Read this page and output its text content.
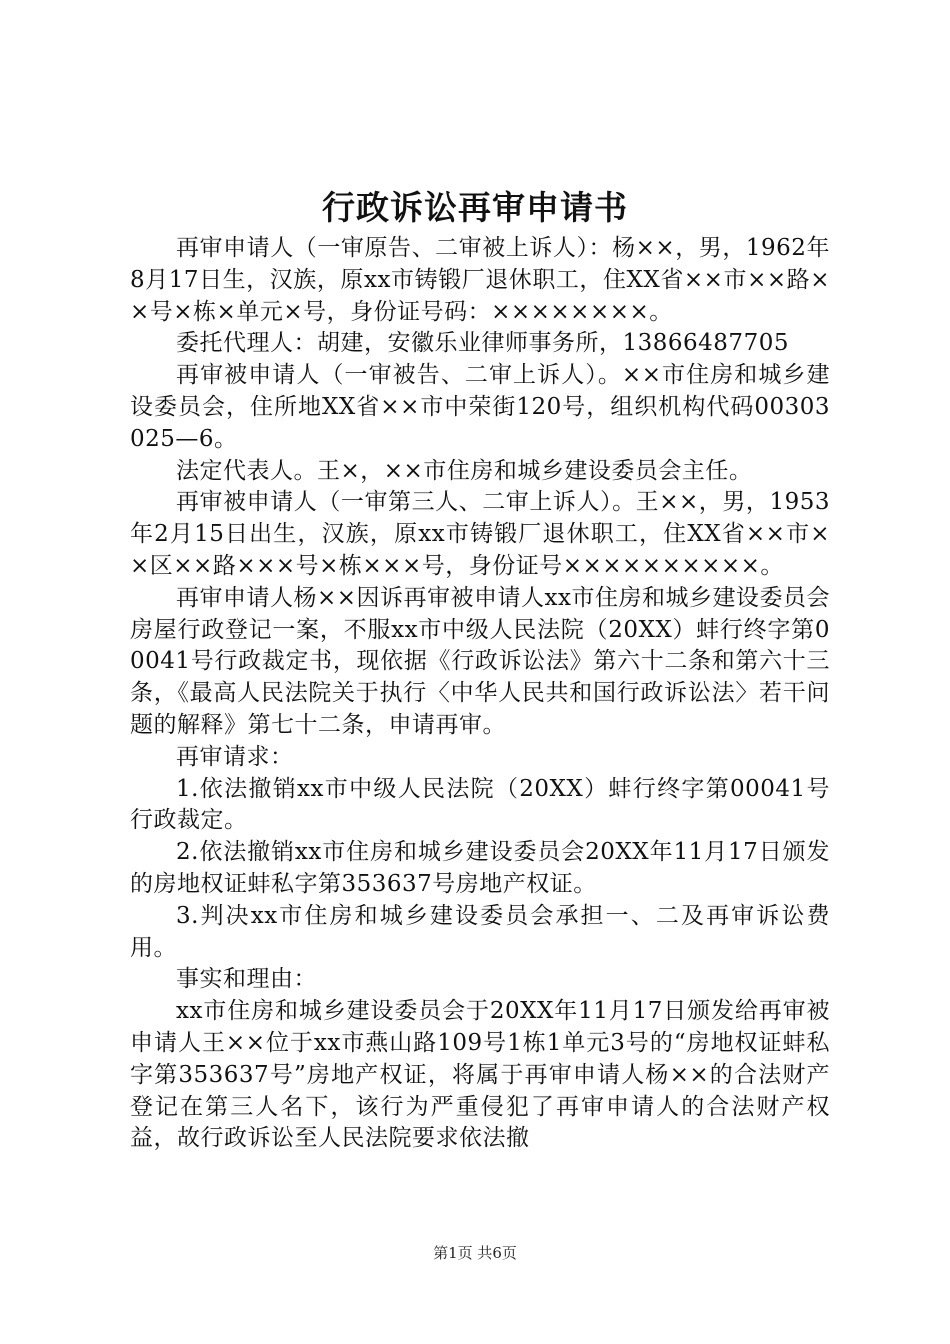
行政诉讼再审申请书

再审申请人（一审原告、二审被上诉人）：杨××，男，1962年8月17日生，汉族，原xx市铸锻厂退休职工，住XX省××市××路××号×栋×单元×号，身份证号码：××××××××。

委托代理人：胡建，安徽乐业律师事务所，13866487705

再审被申请人（一审被告、二审上诉人）。××市住房和城乡建设委员会，住所地XX省××市中荣街120号，组织机构代码00303025—6。

法定代表人。王×，××市住房和城乡建设委员会主任。

再审被申请人（一审第三人、二审上诉人）。王××，男，1953年2月15日出生，汉族，原xx市铸锻厂退休职工，住XX省××市××区××路×××号×栋×××号，身份证号××××××××××。

再审申请人杨××因诉再审被申请人xx市住房和城乡建设委员会房屋行政登记一案，不服xx市中级人民法院（20XX）蚌行终字第00041号行政裁定书，现依据《行政诉讼法》第六十二条和第六十三条，《最高人民法院关于执行〈中华人民共和国行政诉讼法〉若干问题的解释》第七十二条，申请再审。

再审请求：

1.依法撤销xx市中级人民法院（20XX）蚌行终字第00041号行政裁定。

2.依法撤销xx市住房和城乡建设委员会20XX年11月17日颁发的房地权证蚌私字第353637号房地产权证。

3.判决xx市住房和城乡建设委员会承担一、二及再审诉讼费用。

事实和理由：

xx市住房和城乡建设委员会于20XX年11月17日颁发给再审被申请人王××位于xx市燕山路109号1栋1单元3号的“房地权证蚌私字第353637号”房地产权证，将属于再审申请人杨××的合法财产登记在第三人名下，该行为严重侵犯了再审申请人的合法财产权益，故行政诉讼至人民法院要求依法撤

第1页 共6页
